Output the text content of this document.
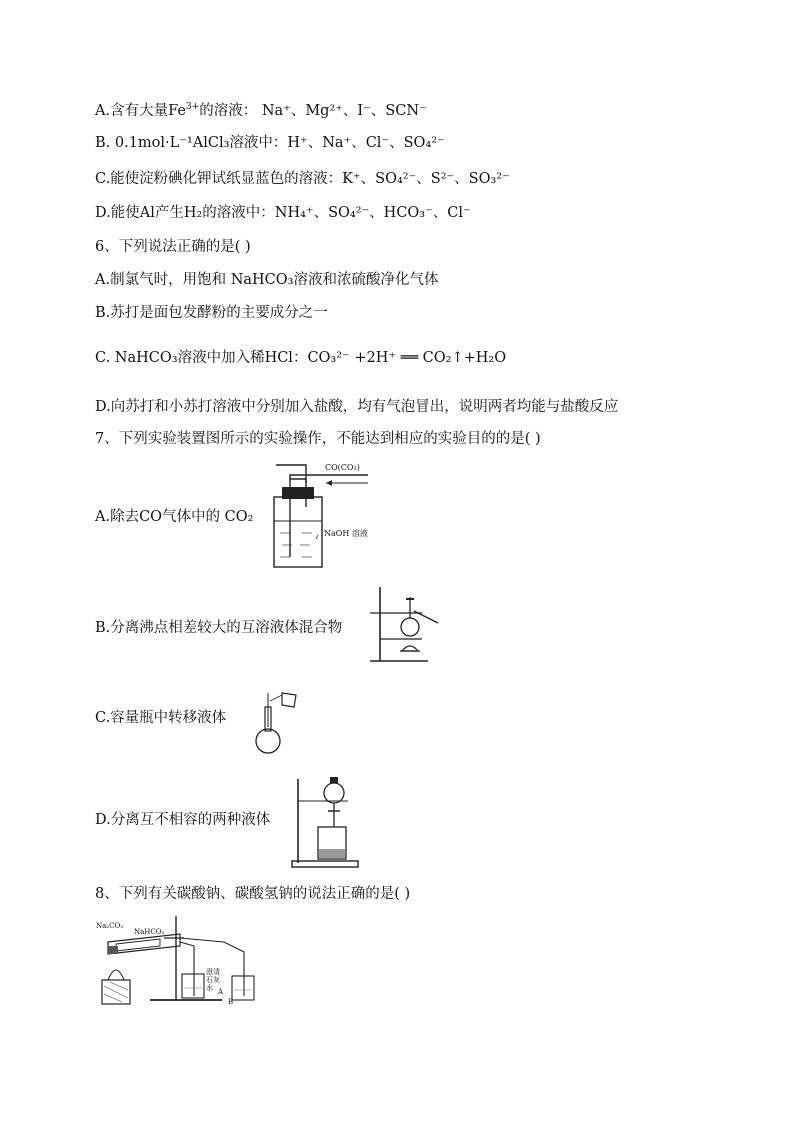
A.含有大量$Fe^{3+}$的溶液： Na⁺、Mg²⁺、I⁻、SCN⁻
B. 0.1mol·L⁻¹AlCl₃溶液中：H⁺、Na⁺、Cl⁻、SO₄²⁻
C.能使淀粉碘化钾试纸显蓝色的溶液：K⁺、SO₄²⁻、S²⁻、SO₃²⁻
D.能使Al产生H₂的溶液中：NH₄⁺、SO₄²⁻、HCO₃⁻、Cl⁻
6、下列说法正确的是( )
A.制氯气时，用饱和 NaHCO₃溶液和浓硫酸净化气体
B.苏打是面包发酵粉的主要成分之一
C. NaHCO₃溶液中加入稀HCl：CO₃²⁻ +2H⁺ ══ CO₂↑+H₂O
D.向苏打和小苏打溶液中分别加入盐酸，均有气泡冒出，说明两者均能与盐酸反应
7、下列实验装置图所示的实验操作，不能达到相应的实验目的的是( )
A.除去CO气体中的 CO₂
CO(CO₂)
NaOH 溶液
B.分离沸点相差较大的互溶液体混合物
C.容量瓶中转移液体
D.分离互不相容的两种液体
8、下列有关碳酸钠、碳酸氢钠的说法正确的是( )
Na₂CO₃
NaHCO₃
澄清石灰水 A
B
